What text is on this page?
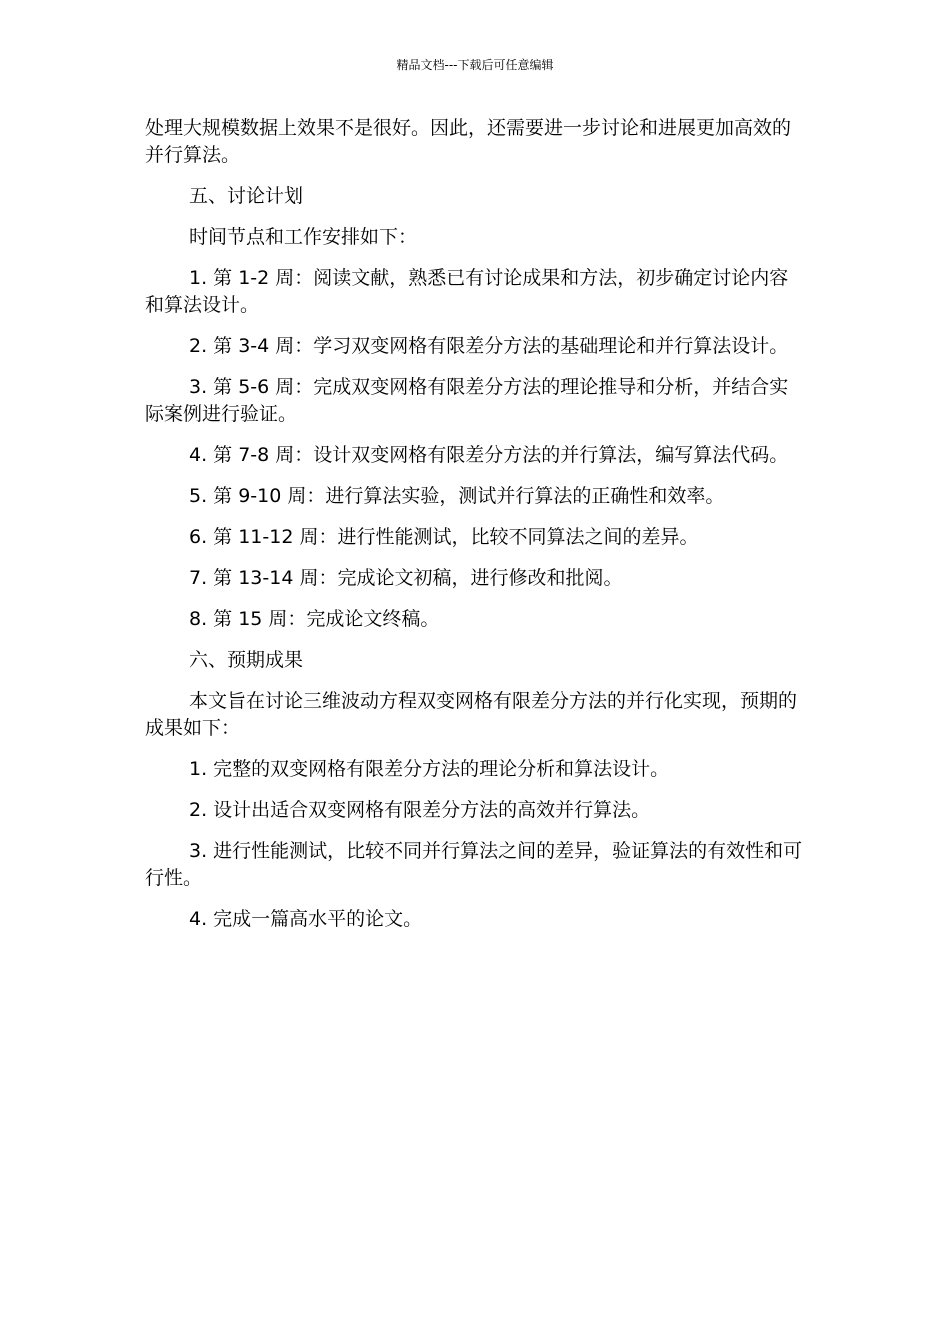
精品文档---下载后可任意编辑

处理大规模数据上效果不是很好。因此，还需要进一步讨论和进展更加高效的并行算法。

五、讨论计划

时间节点和工作安排如下：

1. 第 1-2 周：阅读文献，熟悉已有讨论成果和方法，初步确定讨论内容和算法设计。

2. 第 3-4 周：学习双变网格有限差分方法的基础理论和并行算法设计。

3. 第 5-6 周：完成双变网格有限差分方法的理论推导和分析，并结合实际案例进行验证。

4. 第 7-8 周：设计双变网格有限差分方法的并行算法，编写算法代码。

5. 第 9-10 周：进行算法实验，测试并行算法的正确性和效率。

6. 第 11-12 周：进行性能测试，比较不同算法之间的差异。

7. 第 13-14 周：完成论文初稿，进行修改和批阅。

8. 第 15 周：完成论文终稿。

六、预期成果

本文旨在讨论三维波动方程双变网格有限差分方法的并行化实现，预期的成果如下：

1. 完整的双变网格有限差分方法的理论分析和算法设计。

2. 设计出适合双变网格有限差分方法的高效并行算法。

3. 进行性能测试，比较不同并行算法之间的差异，验证算法的有效性和可行性。

4. 完成一篇高水平的论文。
